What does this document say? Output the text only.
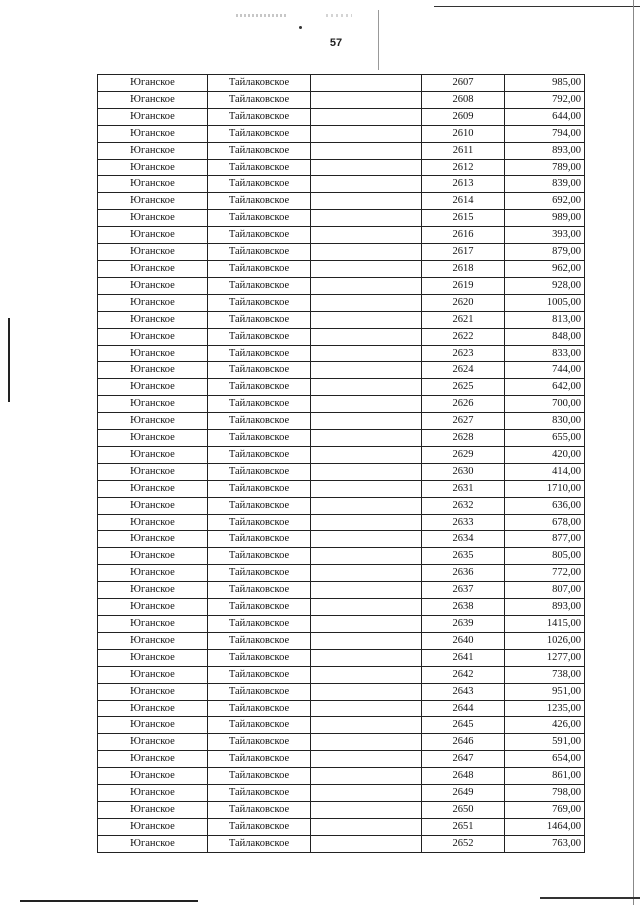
57
Юганское	Тайлаковское		2607	985,00
Юганское	Тайлаковское		2608	792,00
Юганское	Тайлаковское		2609	644,00
Юганское	Тайлаковское		2610	794,00
Юганское	Тайлаковское		2611	893,00
Юганское	Тайлаковское		2612	789,00
Юганское	Тайлаковское		2613	839,00
Юганское	Тайлаковское		2614	692,00
Юганское	Тайлаковское		2615	989,00
Юганское	Тайлаковское		2616	393,00
Юганское	Тайлаковское		2617	879,00
Юганское	Тайлаковское		2618	962,00
Юганское	Тайлаковское		2619	928,00
Юганское	Тайлаковское		2620	1005,00
Юганское	Тайлаковское		2621	813,00
Юганское	Тайлаковское		2622	848,00
Юганское	Тайлаковское		2623	833,00
Юганское	Тайлаковское		2624	744,00
Юганское	Тайлаковское		2625	642,00
Юганское	Тайлаковское		2626	700,00
Юганское	Тайлаковское		2627	830,00
Юганское	Тайлаковское		2628	655,00
Юганское	Тайлаковское		2629	420,00
Юганское	Тайлаковское		2630	414,00
Юганское	Тайлаковское		2631	1710,00
Юганское	Тайлаковское		2632	636,00
Юганское	Тайлаковское		2633	678,00
Юганское	Тайлаковское		2634	877,00
Юганское	Тайлаковское		2635	805,00
Юганское	Тайлаковское		2636	772,00
Юганское	Тайлаковское		2637	807,00
Юганское	Тайлаковское		2638	893,00
Юганское	Тайлаковское		2639	1415,00
Юганское	Тайлаковское		2640	1026,00
Юганское	Тайлаковское		2641	1277,00
Юганское	Тайлаковское		2642	738,00
Юганское	Тайлаковское		2643	951,00
Юганское	Тайлаковское		2644	1235,00
Юганское	Тайлаковское		2645	426,00
Юганское	Тайлаковское		2646	591,00
Юганское	Тайлаковское		2647	654,00
Юганское	Тайлаковское		2648	861,00
Юганское	Тайлаковское		2649	798,00
Юганское	Тайлаковское		2650	769,00
Юганское	Тайлаковское		2651	1464,00
Юганское	Тайлаковское		2652	763,00
